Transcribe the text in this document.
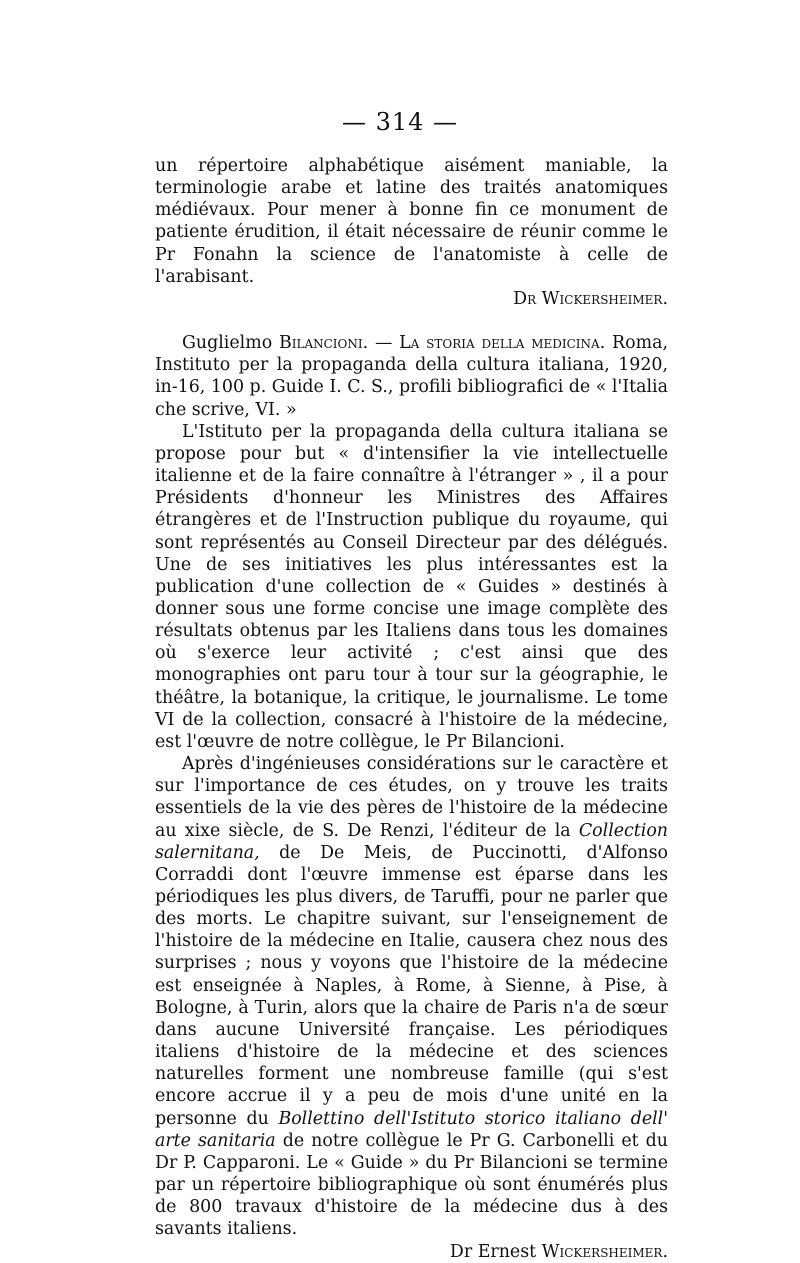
— 314 —

un répertoire alphabétique aisément maniable, la terminologie arabe et latine des traités anatomiques médiévaux. Pour mener à bonne fin ce monument de patiente érudition, il était nécessaire de réunir comme le Pr Fonahn la science de l'anatomiste à celle de l'arabisant.

Dr Wickersheimer.

Guglielmo Bilancioni. — La storia della medicina. Roma, Instituto per la propaganda della cultura italiana, 1920, in-16, 100 p. Guide I. C. S., profili bibliografici de « l'Italia che scrive, VI. »

L'Istituto per la propaganda della cultura italiana se propose pour but « d'intensifier la vie intellectuelle italienne et de la faire connaître à l'étranger » , il a pour Présidents d'honneur les Ministres des Affaires étrangères et de l'Instruction publique du royaume, qui sont représentés au Conseil Directeur par des délégués. Une de ses initiatives les plus intéressantes est la publication d'une collection de « Guides » destinés à donner sous une forme concise une image complète des résultats obtenus par les Italiens dans tous les domaines où s'exerce leur activité ; c'est ainsi que des monographies ont paru tour à tour sur la géographie, le théâtre, la botanique, la critique, le journalisme. Le tome VI de la collection, consacré à l'histoire de la médecine, est l'œuvre de notre collègue, le Pr Bilancioni.

Après d'ingénieuses considérations sur le caractère et sur l'importance de ces études, on y trouve les traits essentiels de la vie des pères de l'histoire de la médecine au xixe siècle, de S. De Renzi, l'éditeur de la Collection salernitana, de De Meis, de Puccinotti, d'Alfonso Corraddi dont l'œuvre immense est éparse dans les périodiques les plus divers, de Taruffi, pour ne parler que des morts. Le chapitre suivant, sur l'enseignement de l'histoire de la médecine en Italie, causera chez nous des surprises ; nous y voyons que l'histoire de la médecine est enseignée à Naples, à Rome, à Sienne, à Pise, à Bologne, à Turin, alors que la chaire de Paris n'a de sœur dans aucune Université française. Les périodiques italiens d'histoire de la médecine et des sciences naturelles forment une nombreuse famille (qui s'est encore accrue il y a peu de mois d'une unité en la personne du Bollettino dell'Istituto storico italiano dell' arte sanitaria de notre collègue le Pr G. Carbonelli et du Dr P. Capparoni. Le « Guide » du Pr Bilancioni se termine par un répertoire bibliographique où sont énumérés plus de 800 travaux d'histoire de la médecine dus à des savants italiens.

Dr Ernest Wickersheimer.
